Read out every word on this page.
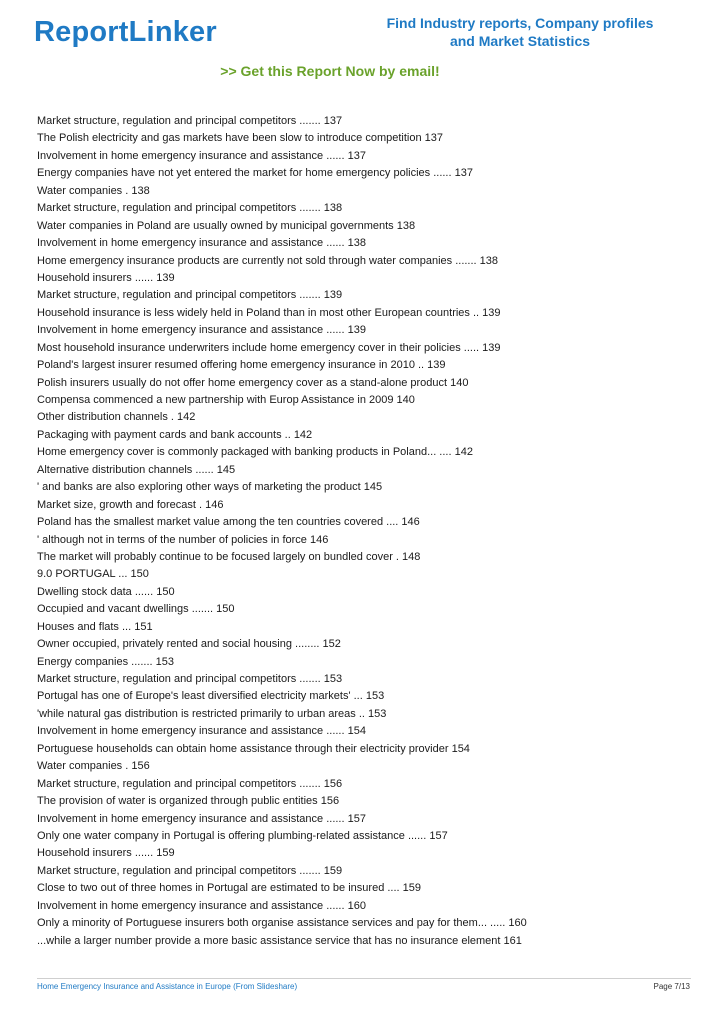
ReportLinker	Find Industry reports, Company profiles
and Market Statistics
>> Get this Report Now by email!
Market structure, regulation and principal competitors ....... 137
The Polish electricity and gas markets have been slow to introduce competition 137
Involvement in home emergency insurance and assistance ...... 137
Energy companies have not yet entered the market for home emergency policies ...... 137
Water companies . 138
Market structure, regulation and principal competitors ....... 138
Water companies in Poland are usually owned by municipal governments 138
Involvement in home emergency insurance and assistance ...... 138
Home emergency insurance products are currently not sold through water companies ....... 138
Household insurers ...... 139
Market structure, regulation and principal competitors ....... 139
Household insurance is less widely held in Poland than in most other European countries .. 139
Involvement in home emergency insurance and assistance ...... 139
Most household insurance underwriters include home emergency cover in their policies ..... 139
Poland's largest insurer resumed offering home emergency insurance in 2010 .. 139
Polish insurers usually do not offer home emergency cover as a stand-alone product 140
Compensa commenced a new partnership with Europ Assistance in 2009 140
Other distribution channels . 142
Packaging with payment cards and bank accounts .. 142
Home emergency cover is commonly packaged with banking products in Poland... .... 142
Alternative distribution channels ...... 145
' and banks are also exploring other ways of marketing the product 145
Market size, growth and forecast . 146
Poland has the smallest market value among the ten countries covered .... 146
' although not in terms of the number of policies in force 146
The market will probably continue to be focused largely on bundled cover . 148
9.0 PORTUGAL ... 150
Dwelling stock data ...... 150
Occupied and vacant dwellings ....... 150
Houses and flats ... 151
Owner occupied, privately rented and social housing ........ 152
Energy companies ....... 153
Market structure, regulation and principal competitors ....... 153
Portugal has one of Europe's least diversified electricity markets' ... 153
'while natural gas distribution is restricted primarily to urban areas .. 153
Involvement in home emergency insurance and assistance ...... 154
Portuguese households can obtain home assistance through their electricity provider 154
Water companies . 156
Market structure, regulation and principal competitors ....... 156
The provision of water is organized through public entities 156
Involvement in home emergency insurance and assistance ...... 157
Only one water company in Portugal is offering plumbing-related assistance ...... 157
Household insurers ...... 159
Market structure, regulation and principal competitors ....... 159
Close to two out of three homes in Portugal are estimated to be insured .... 159
Involvement in home emergency insurance and assistance ...... 160
Only a minority of Portuguese insurers both organise assistance services and pay for them... ..... 160
...while a larger number provide a more basic assistance service that has no insurance element 161
Home Emergency Insurance and Assistance in Europe (From Slideshare)	Page 7/13
